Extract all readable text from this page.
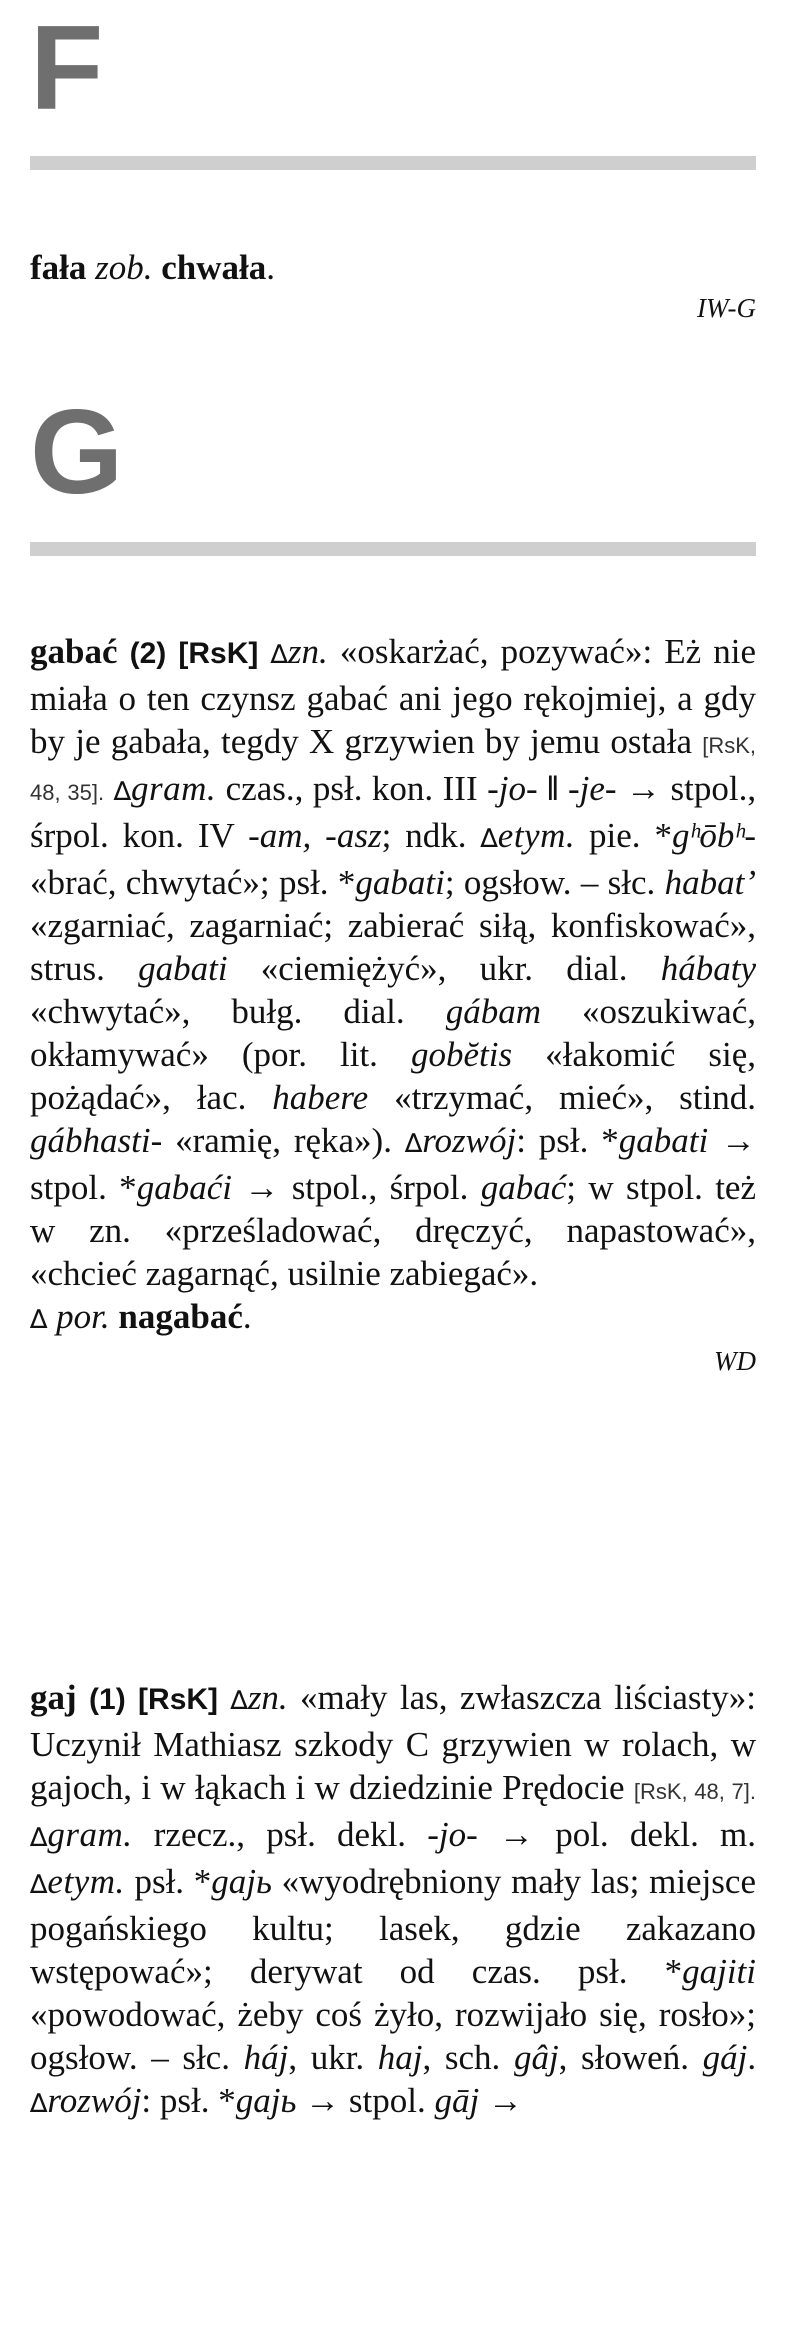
F

fała zob. chwała.

IW-G

G

gabać (2) [RsK] ∆zn. «oskarżać, pozywać»: Eż nie miała o ten czynsz gabać ani jego rękojmiej, a gdy by je gabała, tegdy X grzywien by jemu ostała [RsK, 48, 35]. ∆gram. czas., psł. kon. III -jo- ‖ -je- → stpol., śrpol. kon. IV -am, -asz; ndk. ∆etym. pie. *gʰōbʰ- «brać, chwytać»; psł. *gabati; ogsłow. – słc. habat’ «zgarniać, zagarniać; zabierać siłą, konfiskować», strus. gabati «ciemiężyć», ukr. dial. hábaty «chwytać», bułg. dial. gábam «oszukiwać, okłamywać» (por. lit. gobĕtis «łakomić się, pożądać», łac. habere «trzymać, mieć», stind. gábhasti- «ramię, ręka»). ∆rozwój: psł. *gabati → stpol. *gabaći → stpol., śrpol. gabać; w stpol. też w zn. «prześladować, dręczyć, napastować», «chcieć zagarnąć, usilnie zabiegać».

∆ por. nagabać.

WD

gaj (1) [RsK] ∆zn. «mały las, zwłaszcza liściasty»: Uczynił Mathiasz szkody C grzywien w rolach, w gajoch, i w łąkach i w dziedzinie Prędocie [RsK, 48, 7]. ∆gram. rzecz., psł. dekl. -jo- → pol. dekl. m. ∆etym. psł. *gajь «wyodrębniony mały las; miejsce pogańskiego kultu; lasek, gdzie zakazano wstępować»; derywat od czas. psł. *gajiti «powodować, żeby coś żyło, rozwijało się, rosło»; ogsłow. – słc. háj, ukr. haj, sch. gâj, słoweń. gáj. ∆rozwój: psł. *gajь → stpol. gāj →
